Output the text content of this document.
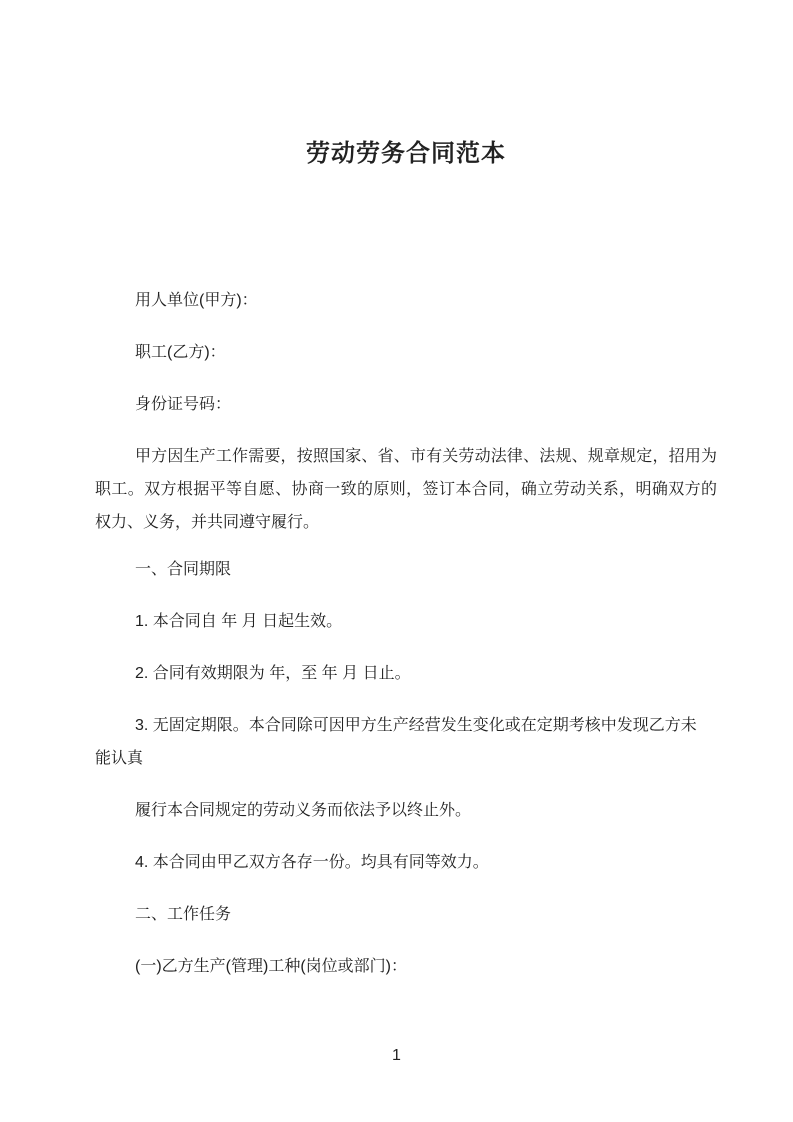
劳动劳务合同范本

用人单位(甲方)：

职工(乙方)：

身份证号码：

甲方因生产工作需要，按照国家、省、市有关劳动法律、法规、规章规定，招用为职工。双方根据平等自愿、协商一致的原则，签订本合同，确立劳动关系，明确双方的权力、义务，并共同遵守履行。

一、合同期限

1. 本合同自 年 月 日起生效。

2. 合同有效期限为 年，至 年 月 日止。

3. 无固定期限。本合同除可因甲方生产经营发生变化或在定期考核中发现乙方未
能认真

履行本合同规定的劳动义务而依法予以终止外。

4. 本合同由甲乙双方各存一份。均具有同等效力。

二、工作任务

(一)乙方生产(管理)工种(岗位或部门)：

1
